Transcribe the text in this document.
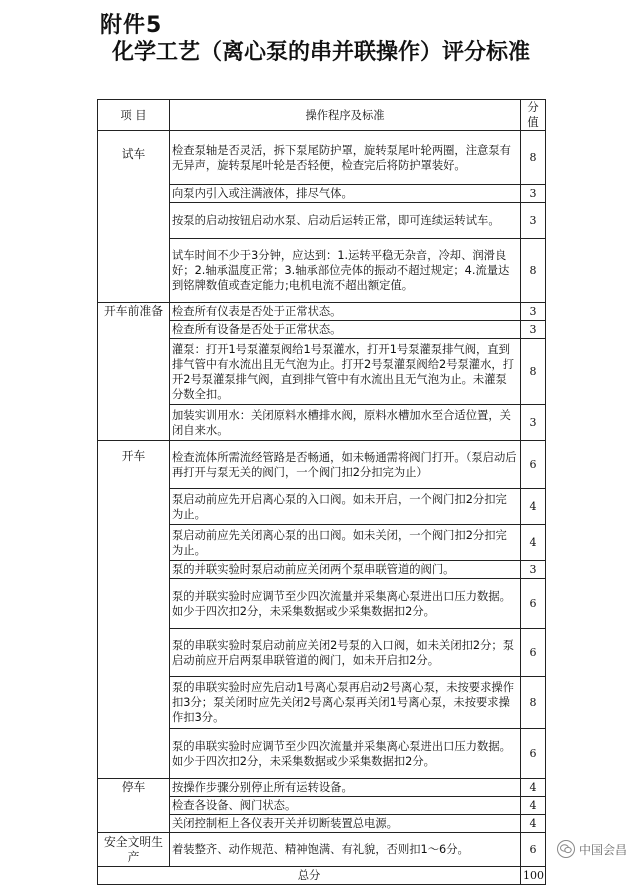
附件5
化学工艺（离心泵的串并联操作）评分标准
项 目	操作程序及标准	分值
试车	检查泵轴是否灵活，拆下泵尾防护罩，旋转泵尾叶轮两圈，注意泵有无异声，旋转泵尾叶轮是否轻便，检查完后将防护罩装好。	8
	向泵内引入或注满液体，排尽气体。	3
	按泵的启动按钮启动水泵、启动后运转正常，即可连续运转试车。	3
	试车时间不少于3分钟，应达到：1.运转平稳无杂音，冷却、润滑良好；2.轴承温度正常；3.轴承部位壳体的振动不超过规定；4.流量达到铭牌数值或查定能力;电机电流不超出额定值。	8
开车前准备	检查所有仪表是否处于正常状态。	3
	检查所有设备是否处于正常状态。	3
	灌泵：打开1号泵灌泵阀给1号泵灌水，打开1号泵灌泵排气阀，直到排气管中有水流出且无气泡为止。打开2号泵灌泵阀给2号泵灌水，打开2号泵灌泵排气阀，直到排气管中有水流出且无气泡为止。未灌泵分数全扣。	8
	加装实训用水：关闭原料水槽排水阀，原料水槽加水至合适位置，关闭自来水。	3
开车	检查流体所需流经管路是否畅通，如未畅通需将阀门打开。（泵启动后再打开与泵无关的阀门，一个阀门扣2分扣完为止）	6
	泵启动前应先开启离心泵的入口阀。如未开启，一个阀门扣2分扣完为止。	4
	泵启动前应先关闭离心泵的出口阀。如未关闭，一个阀门扣2分扣完为止。	4
	泵的并联实验时泵启动前应关闭两个泵串联管道的阀门。	3
	泵的并联实验时应调节至少四次流量并采集离心泵进出口压力数据。如少于四次扣2分，未采集数据或少采集数据扣2分。	6
	泵的串联实验时泵启动前应关闭2号泵的入口阀，如未关闭扣2分；泵启动前应开启两泵串联管道的阀门，如未开启扣2分。	6
	泵的串联实验时应先启动1号离心泵再启动2号离心泵，未按要求操作扣3分；泵关闭时应先关闭2号离心泵再关闭1号离心泵，未按要求操作扣3分。	8
	泵的串联实验时应调节至少四次流量并采集离心泵进出口压力数据。如少于四次扣2分，未采集数据或少采集数据扣2分。	6
停车	按操作步骤分别停止所有运转设备。	4
	检查各设备、阀门状态。	4
	关闭控制柜上各仪表开关并切断装置总电源。	4
安全文明生产	着装整齐、动作规范、精神饱满、有礼貌，否则扣1～6分。	6
总分		100
中国会昌
